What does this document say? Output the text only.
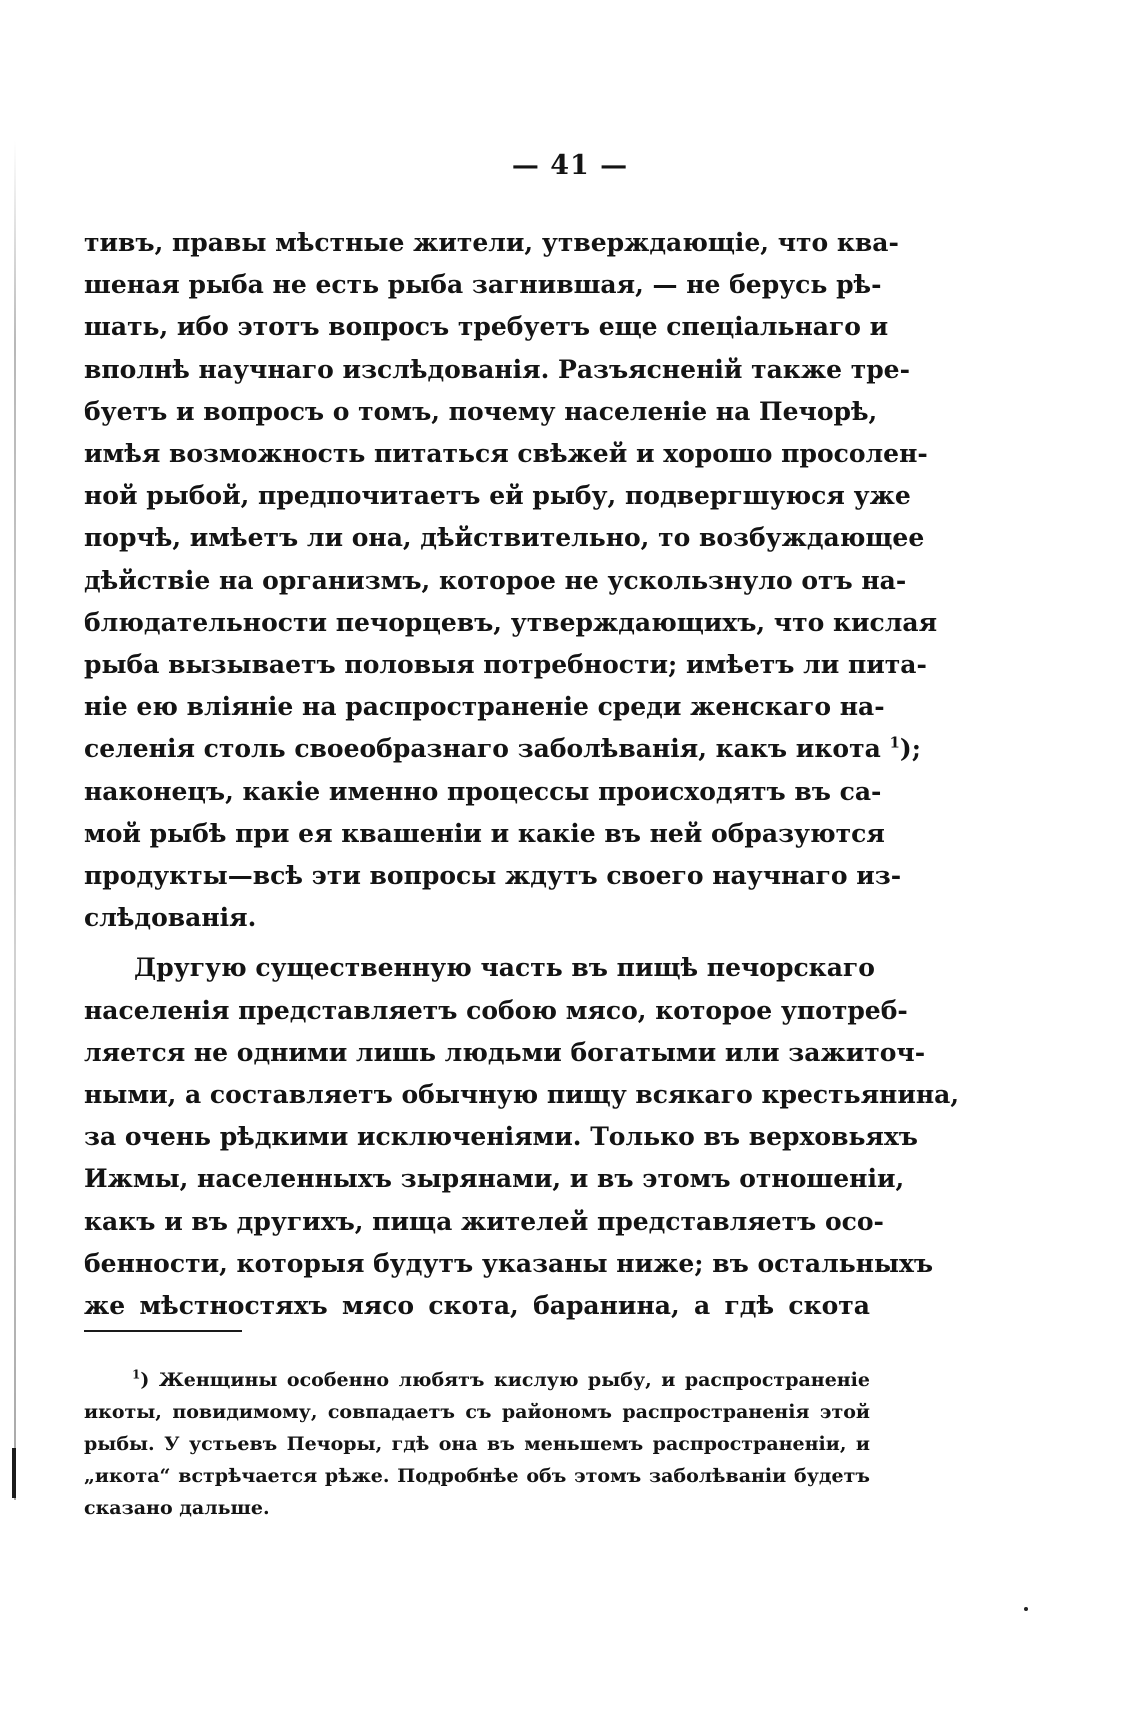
— 41 —
тивъ, правы мѣстные жители, утверждающіе, что ква-
шеная рыба не есть рыба загнившая, — не берусь рѣ-
шать, ибо этотъ вопросъ требуетъ еще спеціальнаго и
вполнѣ научнаго изслѣдованія. Разъясненій также тре-
буетъ и вопросъ о томъ, почему населеніе на Печорѣ,
имѣя возможность питаться свѣжей и хорошо просолен-
ной рыбой, предпочитаетъ ей рыбу, подвергшуюся уже
порчѣ, имѣетъ ли она, дѣйствительно, то возбуждающее
дѣйствіе на организмъ, которое не ускользнуло отъ на-
блюдательности печорцевъ, утверждающихъ, что кислая
рыба вызываетъ половыя потребности; имѣетъ ли пита-
ніе ею вліяніе на распространеніе среди женскаго на-
селенія столь своеобразнаго заболѣванія, какъ икота $^1$);
наконецъ, какіе именно процессы происходятъ въ са-
мой рыбѣ при ея квашеніи и какіе въ ней образуются
продукты—всѣ эти вопросы ждутъ своего научнаго из-
слѣдованія.
Другую существенную часть въ пищѣ печорскаго
населенія представляетъ собою мясо, которое употреб-
ляется не одними лишь людьми богатыми или зажиточ-
ными, а составляетъ обычную пищу всякаго крестьянина,
за очень рѣдкими исключеніями. Только въ верховьяхъ
Ижмы, населенныхъ зырянами, и въ этомъ отношеніи,
какъ и въ другихъ, пища жителей представляетъ осо-
бенности, которыя будутъ указаны ниже; въ остальныхъ
же мѣстностяхъ мясо скота, баранина, а гдѣ скота
$^1$) Женщины особенно любятъ кислую рыбу, и распространеніе
икоты, повидимому, совпадаетъ съ райономъ распространенія этой
рыбы. У устьевъ Печоры, гдѣ она въ меньшемъ распространеніи, и
„икота“ встрѣчается рѣже. Подробнѣе объ этомъ заболѣваніи будетъ
сказано дальше.
